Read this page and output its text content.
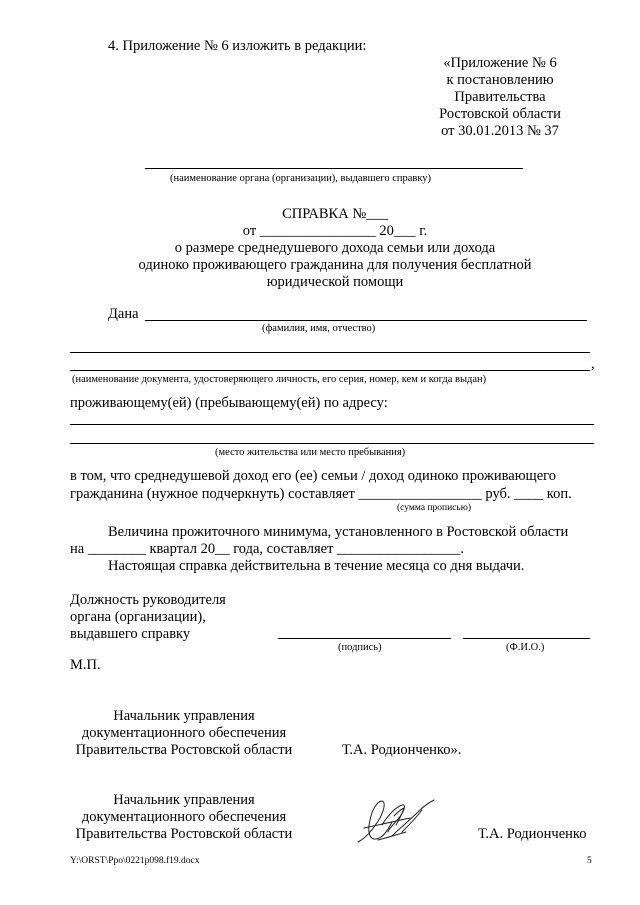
4. Приложение № 6 изложить в редакции:
«Приложение № 6
к постановлению
Правительства
Ростовской области
от 30.01.2013 № 37
(наименование органа (организации), выдавшего справку)
СПРАВКА №___
от ________________ 20___ г.
о размере среднедушевого дохода семьи или дохода
одиноко проживающего гражданина для получения бесплатной
юридической помощи
Дана
(фамилия, имя, отчество)
,
(наименование документа, удостоверяющего личность, его серия, номер, кем и когда выдан)
проживающему(ей) (пребывающему(ей) по адресу:
(место жительства или место пребывания)
в том, что среднедушевой доход его (ее) семьи / доход одиноко проживающего
гражданина (нужное подчеркнуть) составляет _________________ руб. ____ коп.
(сумма прописью)
Величина прожиточного минимума, установленного в Ростовской области
на ________ квартал 20__ года, составляет _________________.
Настоящая справка действительна в течение месяца со дня выдачи.
Должность руководителя
органа (организации),
выдавшего справку
(подпись)	(Ф.И.О.)
М.П.
Начальник управления
документационного обеспечения
Правительства Ростовской области	Т.А. Родионченко».
Начальник управления
документационного обеспечения
Правительства Ростовской области	Т.А. Родионченко
Y:\ORST\Ppo\0221p098.f19.docx	5
